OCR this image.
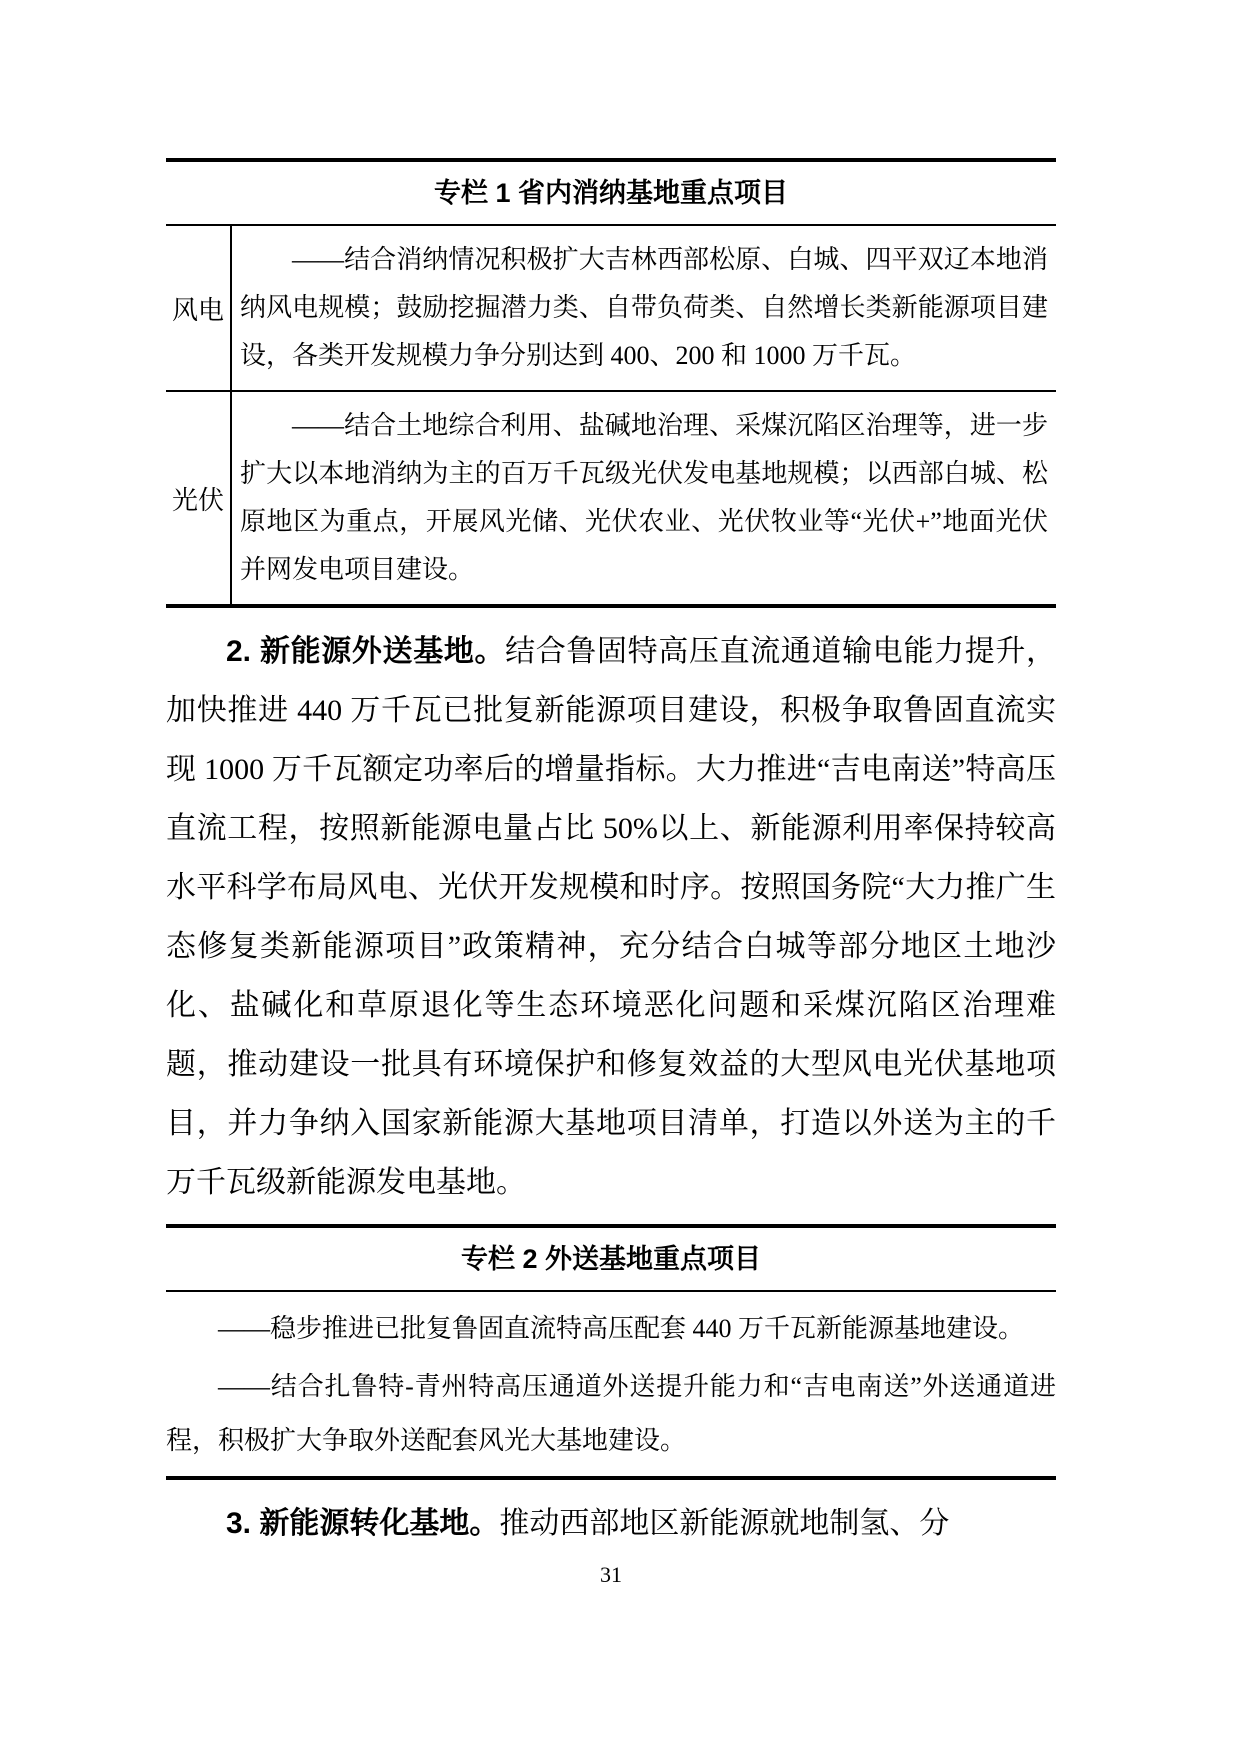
专栏 1 省内消纳基地重点项目
风电
——结合消纳情况积极扩大吉林西部松原、白城、四平双辽本地消纳风电规模；鼓励挖掘潜力类、自带负荷类、自然增长类新能源项目建设，各类开发规模力争分别达到 400、200 和 1000 万千瓦。
光伏
——结合土地综合利用、盐碱地治理、采煤沉陷区治理等，进一步扩大以本地消纳为主的百万千瓦级光伏发电基地规模；以西部白城、松原地区为重点，开展风光储、光伏农业、光伏牧业等“光伏+”地面光伏并网发电项目建设。

2. 新能源外送基地。结合鲁固特高压直流通道输电能力提升，加快推进 440 万千瓦已批复新能源项目建设，积极争取鲁固直流实现 1000 万千瓦额定功率后的增量指标。大力推进“吉电南送”特高压直流工程，按照新能源电量占比 50%以上、新能源利用率保持较高水平科学布局风电、光伏开发规模和时序。按照国务院“大力推广生态修复类新能源项目”政策精神，充分结合白城等部分地区土地沙化、盐碱化和草原退化等生态环境恶化问题和采煤沉陷区治理难题，推动建设一批具有环境保护和修复效益的大型风电光伏基地项目，并力争纳入国家新能源大基地项目清单，打造以外送为主的千万千瓦级新能源发电基地。

专栏 2 外送基地重点项目

——稳步推进已批复鲁固直流特高压配套 440 万千瓦新能源基地建设。

——结合扎鲁特-青州特高压通道外送提升能力和“吉电南送”外送通道进程，积极扩大争取外送配套风光大基地建设。

3. 新能源转化基地。推动西部地区新能源就地制氢、分

31
